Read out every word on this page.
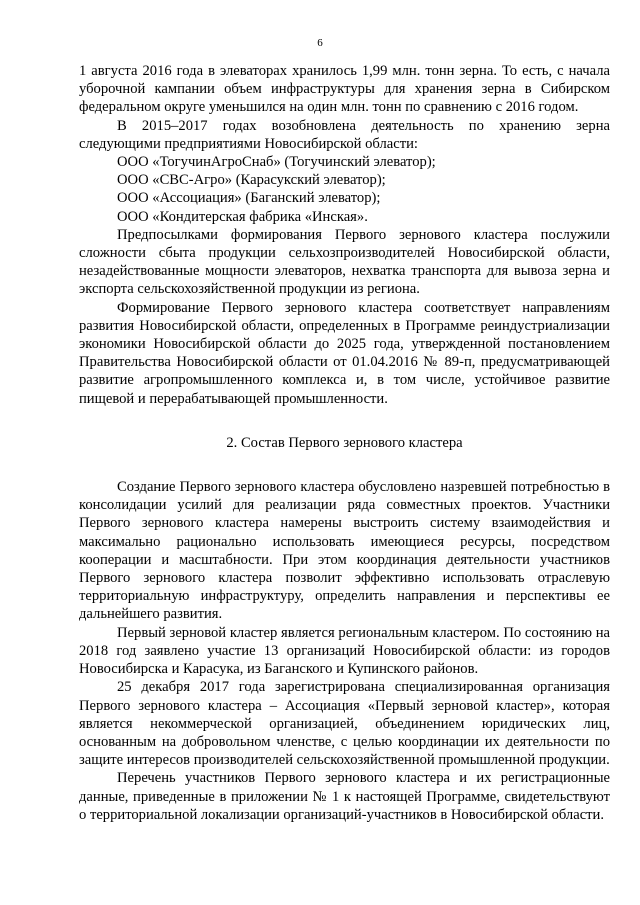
6

1 августа 2016 года в элеваторах хранилось 1,99 млн. тонн зерна. То есть, с начала уборочной кампании объем инфраструктуры для хранения зерна в Сибирском федеральном округе уменьшился на один млн. тонн по сравнению с 2016 годом.

В 2015–2017 годах возобновлена деятельность по хранению зерна следующими предприятиями Новосибирской области:

ООО «ТогучинАгроСнаб» (Тогучинский элеватор);

ООО «СВС-Агро» (Карасукский элеватор);

ООО «Ассоциация» (Баганский элеватор);

ООО «Кондитерская фабрика «Инская».

Предпосылками формирования Первого зернового кластера послужили сложности сбыта продукции сельхозпроизводителей Новосибирской области, незадействованные мощности элеваторов, нехватка транспорта для вывоза зерна и экспорта сельскохозяйственной продукции из региона.

Формирование Первого зернового кластера соответствует направлениям развития Новосибирской области, определенных в Программе реиндустриализации экономики Новосибирской области до 2025 года, утвержденной постановлением Правительства Новосибирской области от 01.04.2016 № 89-п, предусматривающей развитие агропромышленного комплекса и, в том числе, устойчивое развитие пищевой и перерабатывающей промышленности.

2. Состав Первого зернового кластера

Создание Первого зернового кластера обусловлено назревшей потребностью в консолидации усилий для реализации ряда совместных проектов. Участники Первого зернового кластера намерены выстроить систему взаимодействия и максимально рационально использовать имеющиеся ресурсы, посредством кооперации и масштабности. При этом координация деятельности участников Первого зернового кластера позволит эффективно использовать отраслевую территориальную инфраструктуру, определить направления и перспективы ее дальнейшего развития.

Первый зерновой кластер является региональным кластером. По состоянию на 2018 год заявлено участие 13 организаций Новосибирской области: из городов Новосибирска и Карасука, из Баганского и Купинского районов.

25 декабря 2017 года зарегистрирована специализированная организация Первого зернового кластера – Ассоциация «Первый зерновой кластер», которая является некоммерческой организацией, объединением юридических лиц, основанным на добровольном членстве, с целью координации их деятельности по защите интересов производителей сельскохозяйственной промышленной продукции.

Перечень участников Первого зернового кластера и их регистрационные данные, приведенные в приложении № 1 к настоящей Программе, свидетельствуют о территориальной локализации организаций-участников в Новосибирской области.
